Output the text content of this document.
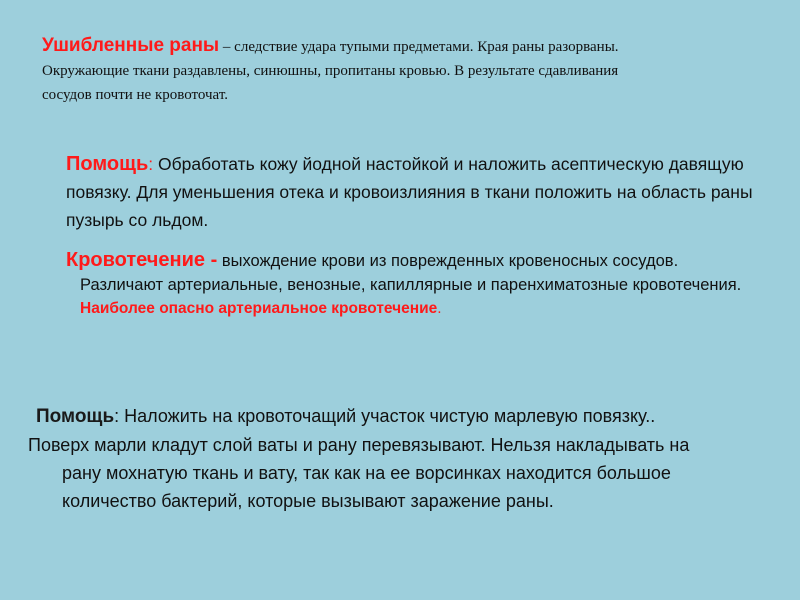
Ушибленные раны – следствие удара тупыми предметами. Края раны разорваны. Окружающие ткани раздавлены, синюшны, пропитаны кровью. В результате сдавливания сосудов почти не кровоточат.
Помощь: Обработать кожу йодной настойкой и наложить асептическую давящую повязку. Для уменьшения отека и кровоизлияния в ткани положить на область раны пузырь со льдом.
Кровотечение - выхождение крови из поврежденных кровеносных сосудов.
Различают артериальные, венозные, капиллярные и паренхиматозные кровотечения.
Наиболее опасно артериальное кровотечение.
Помощь: Наложить на кровоточащий участок чистую марлевую повязку..
Поверх марли кладут слой ваты и рану перевязывают. Нельзя накладывать на
рану мохнатую ткань и вату, так как на ее ворсинках находится большое
количество бактерий, которые вызывают заражение раны.
